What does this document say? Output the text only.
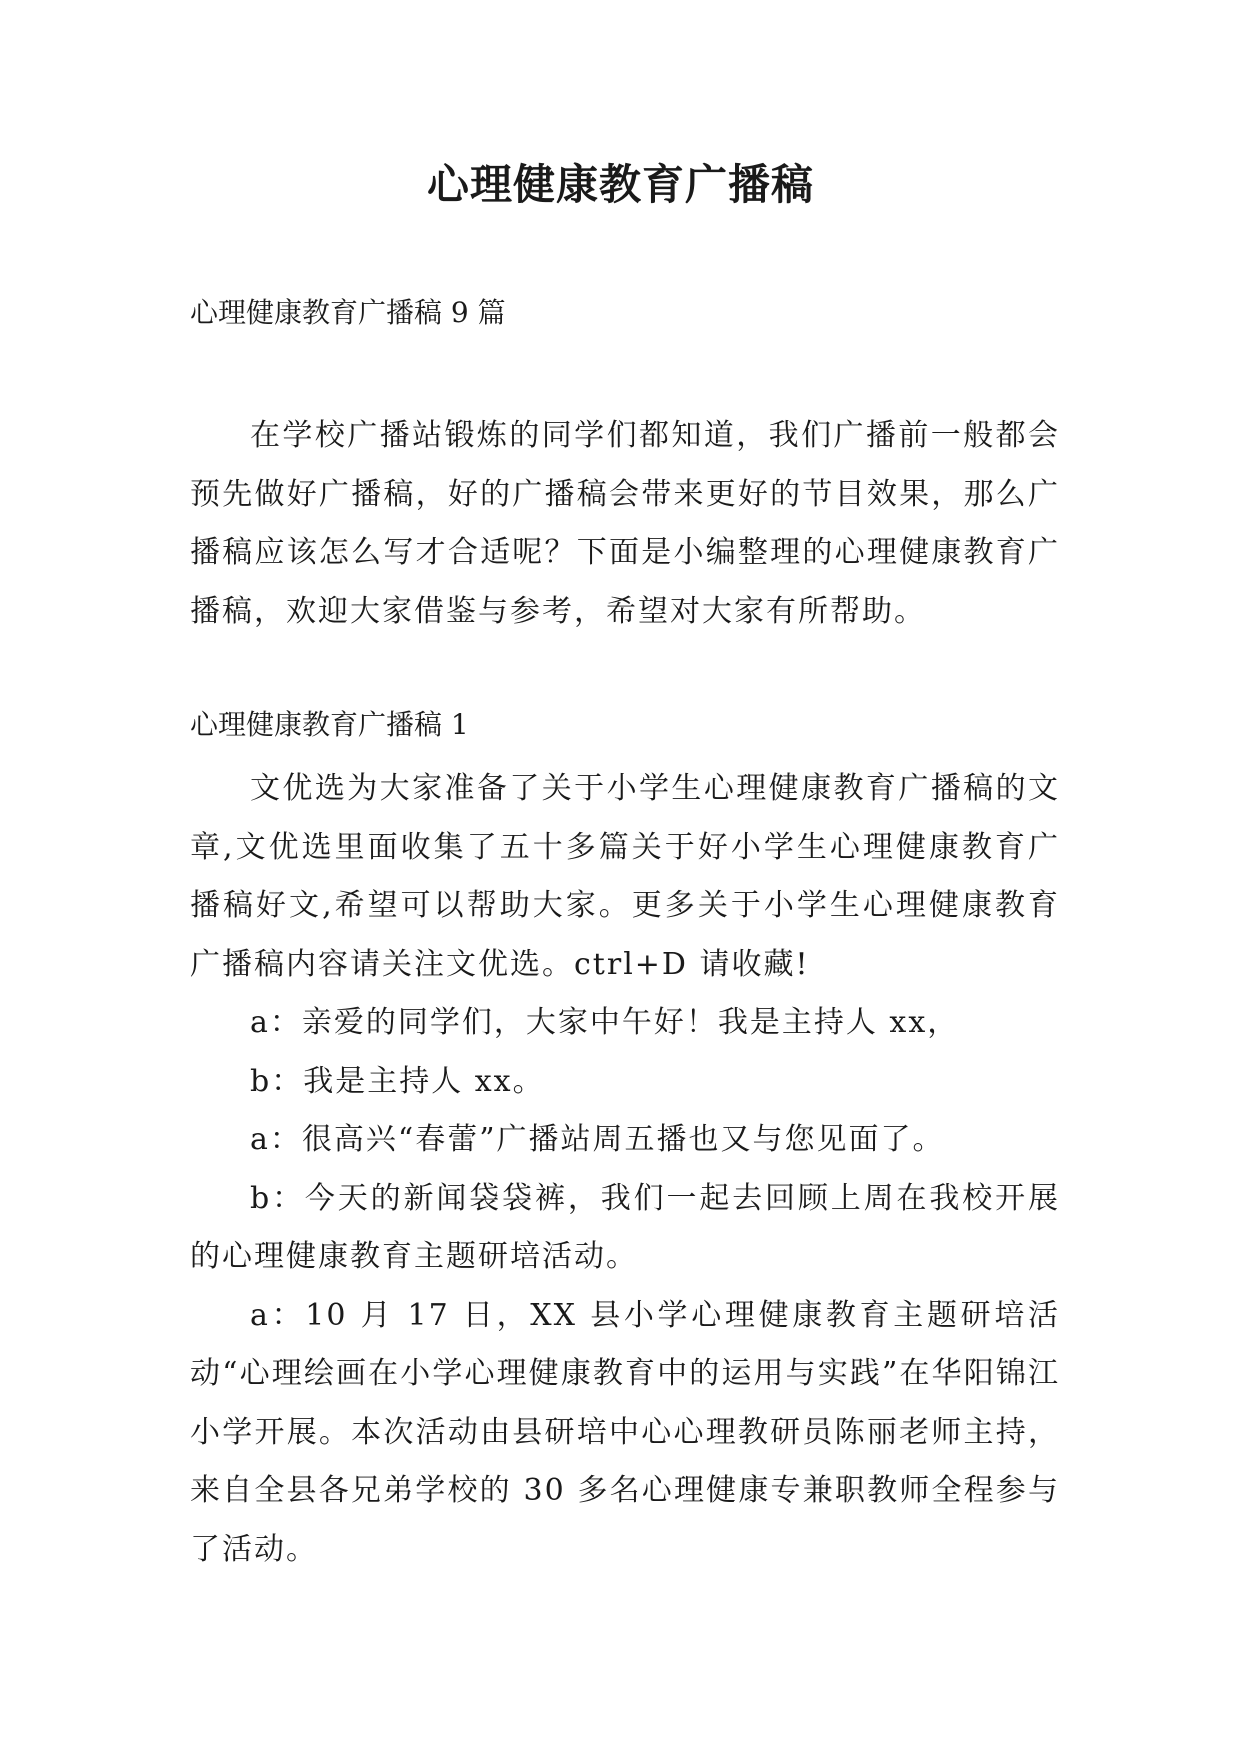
心理健康教育广播稿

心理健康教育广播稿 9 篇

在学校广播站锻炼的同学们都知道，我们广播前一般都会预先做好广播稿，好的广播稿会带来更好的节目效果，那么广播稿应该怎么写才合适呢？下面是小编整理的心理健康教育广播稿，欢迎大家借鉴与参考，希望对大家有所帮助。

心理健康教育广播稿 1

文优选为大家准备了关于小学生心理健康教育广播稿的文章,文优选里面收集了五十多篇关于好小学生心理健康教育广播稿好文,希望可以帮助大家。更多关于小学生心理健康教育广播稿内容请关注文优选。ctrl+D 请收藏!

a：亲爱的同学们，大家中午好！我是主持人 xx，

b：我是主持人 xx。

a：很高兴“春蕾”广播站周五播也又与您见面了。

b：今天的新闻袋袋裤，我们一起去回顾上周在我校开展的心理健康教育主题研培活动。

a：10 月 17 日，XX 县小学心理健康教育主题研培活动“心理绘画在小学心理健康教育中的运用与实践”在华阳锦江小学开展。本次活动由县研培中心心理教研员陈丽老师主持，来自全县各兄弟学校的 30 多名心理健康专兼职教师全程参与了活动。
